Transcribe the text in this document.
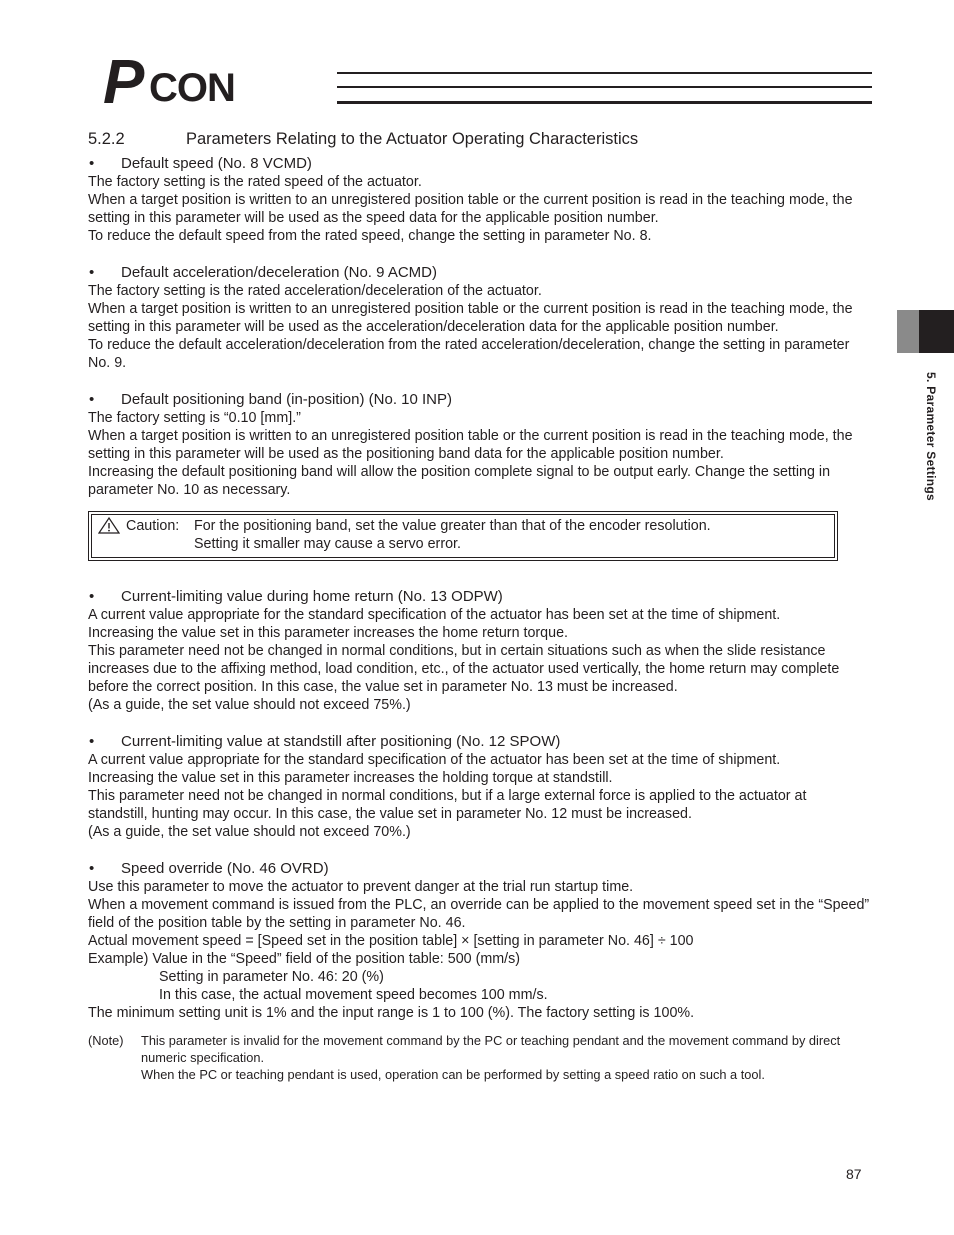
P CON
5. Parameter Settings
5.2.2	Parameters Relating to the Actuator Operating Characteristics
•	Default speed (No. 8 VCMD)

The factory setting is the rated speed of the actuator.

When a target position is written to an unregistered position table or the current position is read in the teaching mode, the setting in this parameter will be used as the speed data for the applicable position number.

To reduce the default speed from the rated speed, change the setting in parameter No. 8.

•	Default acceleration/deceleration (No. 9 ACMD)

The factory setting is the rated acceleration/deceleration of the actuator.

When a target position is written to an unregistered position table or the current position is read in the teaching mode, the setting in this parameter will be used as the acceleration/deceleration data for the applicable position number.

To reduce the default acceleration/deceleration from the rated acceleration/deceleration, change the setting in parameter No. 9.

•	Default positioning band (in-position) (No. 10 INP)

The factory setting is “0.10 [mm].”

When a target position is written to an unregistered position table or the current position is read in the teaching mode, the setting in this parameter will be used as the positioning band data for the applicable position number.

Increasing the default positioning band will allow the position complete signal to be output early. Change the setting in parameter No. 10 as necessary.

Caution:	For the positioning band, set the value greater than that of the encoder resolution.
Setting it smaller may cause a servo error.
•	Current-limiting value during home return (No. 13 ODPW)

A current value appropriate for the standard specification of the actuator has been set at the time of shipment.

Increasing the value set in this parameter increases the home return torque.

This parameter need not be changed in normal conditions, but in certain situations such as when the slide resistance increases due to the affixing method, load condition, etc., of the actuator used vertically, the home return may complete before the correct position. In this case, the value set in parameter No. 13 must be increased.

(As a guide, the set value should not exceed 75%.)

•	Current-limiting value at standstill after positioning (No. 12 SPOW)

A current value appropriate for the standard specification of the actuator has been set at the time of shipment.

Increasing the value set in this parameter increases the holding torque at standstill.

This parameter need not be changed in normal conditions, but if a large external force is applied to the actuator at standstill, hunting may occur. In this case, the value set in parameter No. 12 must be increased.

(As a guide, the set value should not exceed 70%.)

•	Speed override (No. 46 OVRD)

Use this parameter to move the actuator to prevent danger at the trial run startup time.

When a movement command is issued from the PLC, an override can be applied to the movement speed set in the “Speed” field of the position table by the setting in parameter No. 46.

Actual movement speed = [Speed set in the position table] × [setting in parameter No. 46] ÷ 100

Example) Value in the “Speed” field of the position table: 500 (mm/s)

Setting in parameter No. 46: 20 (%)

In this case, the actual movement speed becomes 100 mm/s.

The minimum setting unit is 1% and the input range is 1 to 100 (%). The factory setting is 100%.

(Note)	This parameter is invalid for the movement command by the PC or teaching pendant and the movement command by direct numeric specification.
When the PC or teaching pendant is used, operation can be performed by setting a speed ratio on such a tool.
87
